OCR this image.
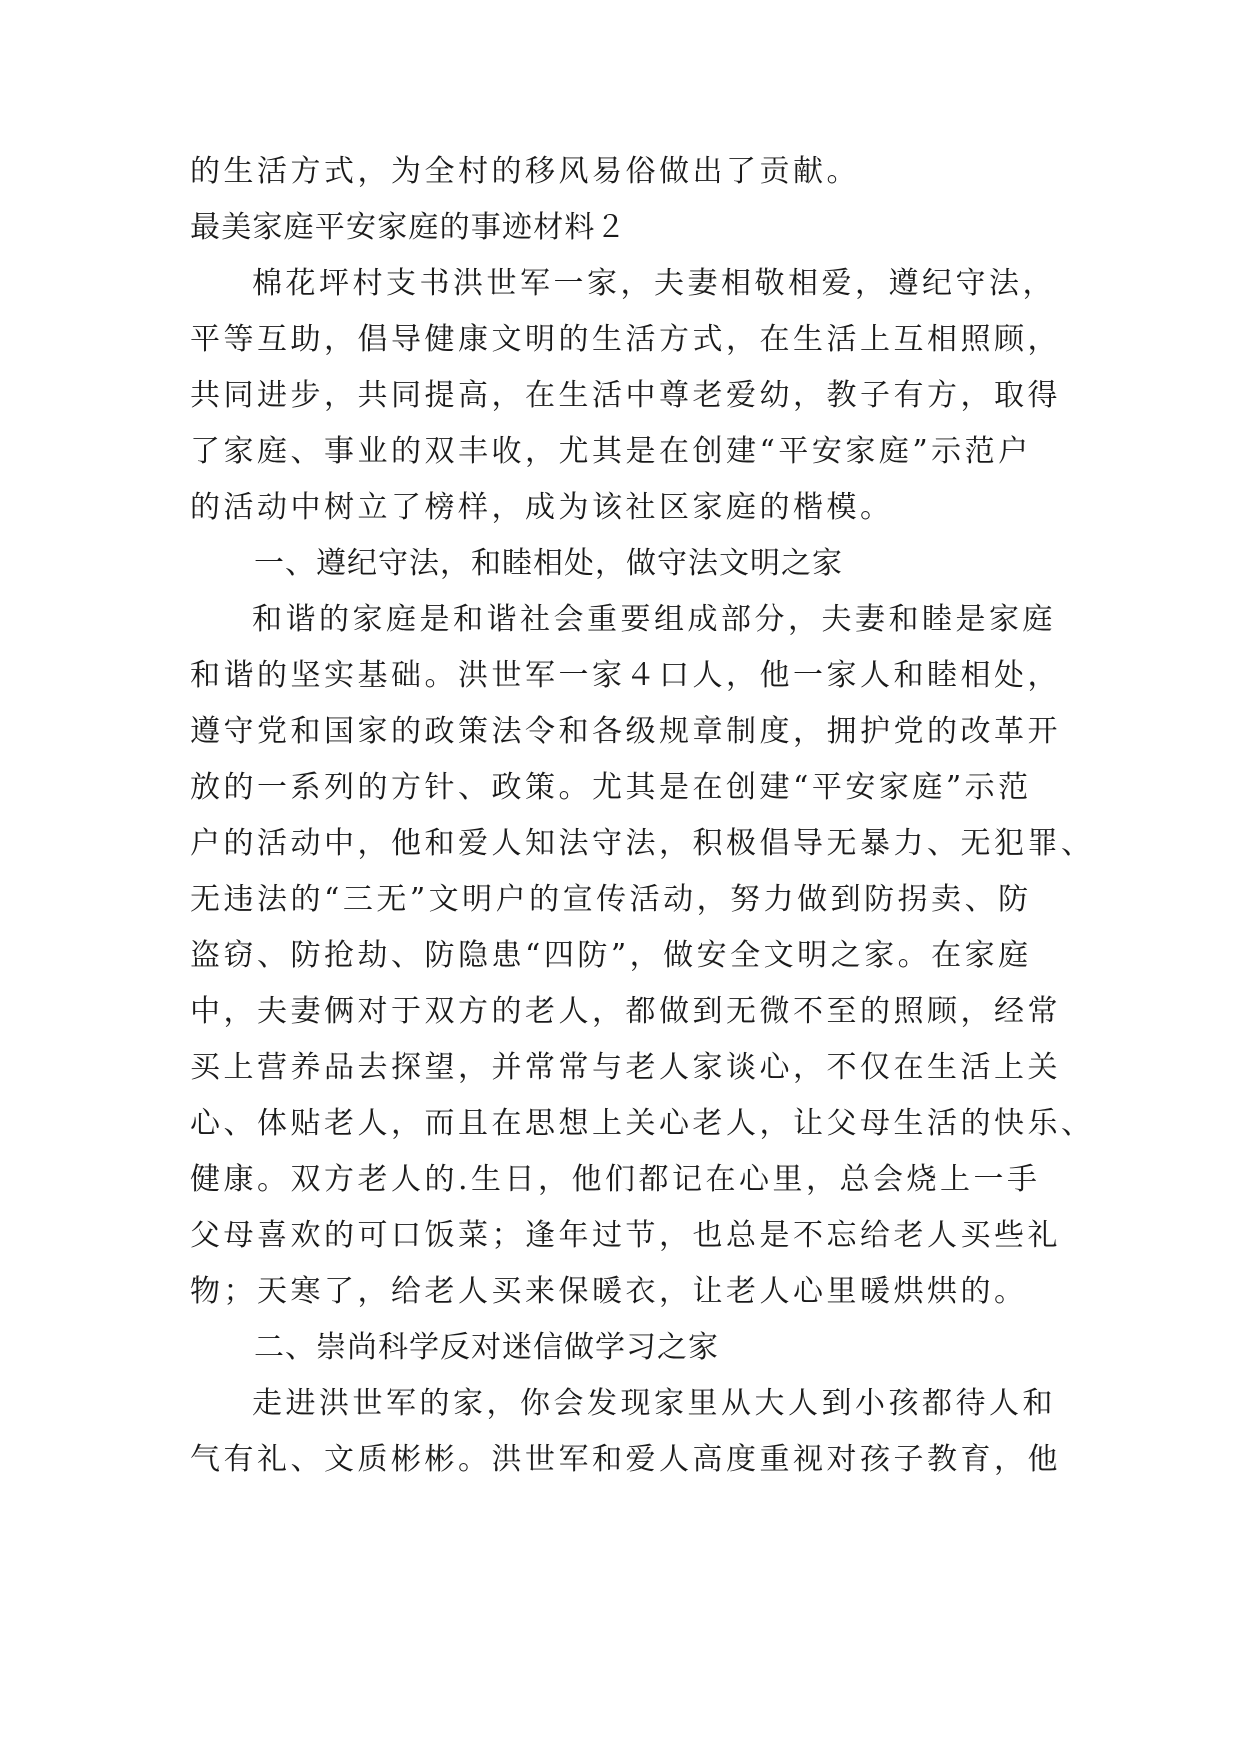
的生活方式，为全村的移风易俗做出了贡献。
最美家庭平安家庭的事迹材料２
棉花坪村支书洪世军一家，夫妻相敬相爱，遵纪守法，
平等互助，倡导健康文明的生活方式，在生活上互相照顾，
共同进步，共同提高，在生活中尊老爱幼，教子有方，取得
了家庭、事业的双丰收，尤其是在创建“平安家庭”示范户
的活动中树立了榜样，成为该社区家庭的楷模。
一、遵纪守法，和睦相处，做守法文明之家
和谐的家庭是和谐社会重要组成部分，夫妻和睦是家庭
和谐的坚实基础。洪世军一家４口人，他一家人和睦相处，
遵守党和国家的政策法令和各级规章制度，拥护党的改革开
放的一系列的方针、政策。尤其是在创建“平安家庭”示范
户的活动中，他和爱人知法守法，积极倡导无暴力、无犯罪、
无违法的“三无”文明户的宣传活动，努力做到防拐卖、防
盗窃、防抢劫、防隐患“四防”，做安全文明之家。在家庭
中，夫妻俩对于双方的老人，都做到无微不至的照顾，经常
买上营养品去探望，并常常与老人家谈心，不仅在生活上关
心、体贴老人，而且在思想上关心老人，让父母生活的快乐、
健康。双方老人的.生日，他们都记在心里，总会烧上一手
父母喜欢的可口饭菜；逢年过节，也总是不忘给老人买些礼
物；天寒了，给老人买来保暖衣，让老人心里暖烘烘的。
二、崇尚科学反对迷信做学习之家
走进洪世军的家，你会发现家里从大人到小孩都待人和
气有礼、文质彬彬。洪世军和爱人高度重视对孩子教育，他
